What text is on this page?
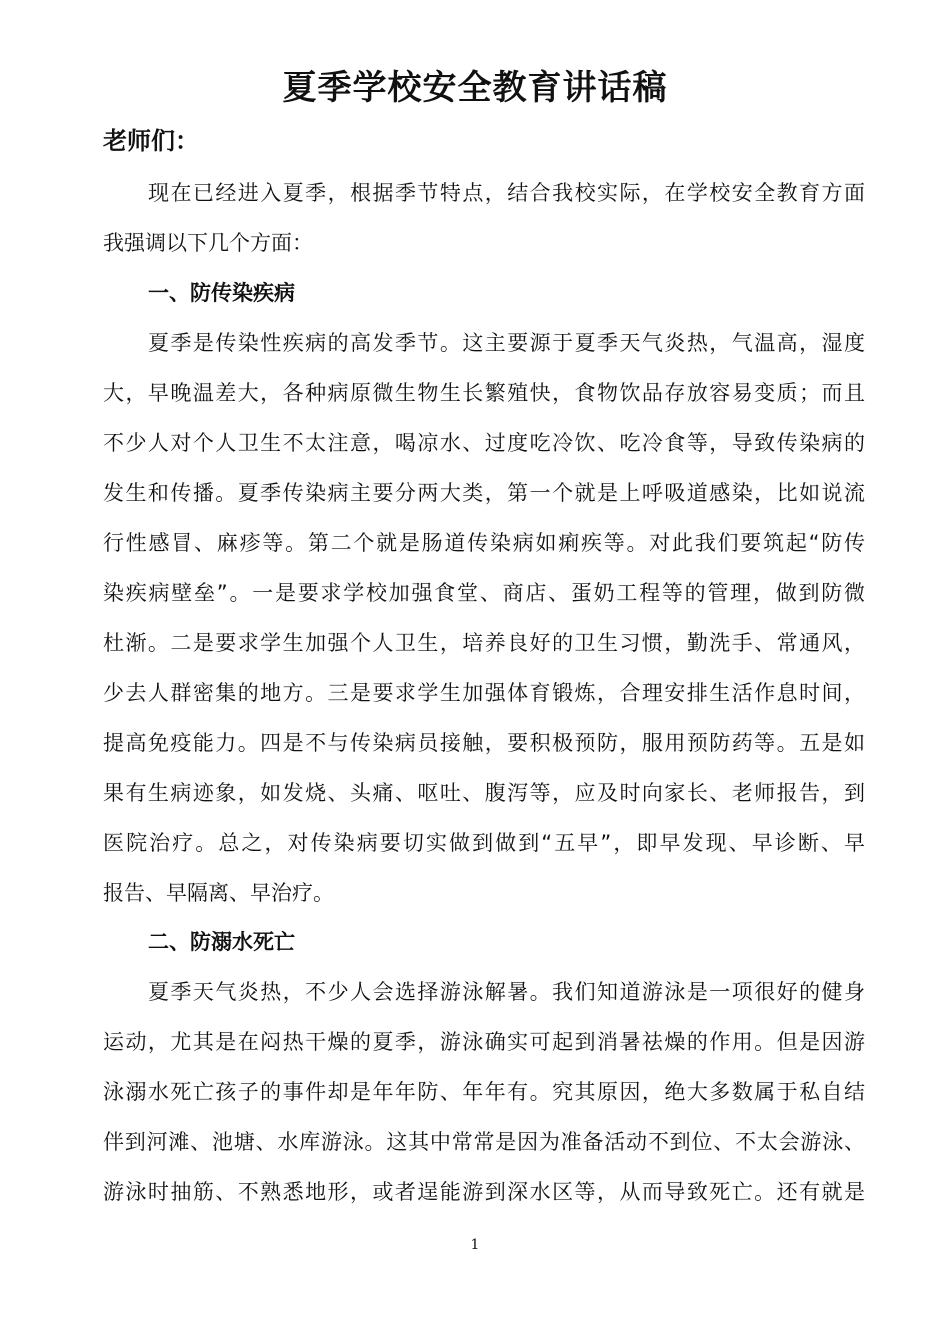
夏季学校安全教育讲话稿
老师们：
现在已经进入夏季，根据季节特点，结合我校实际，在学校安全教育方面
我强调以下几个方面：
一、防传染疾病
夏季是传染性疾病的高发季节。这主要源于夏季天气炎热，气温高，湿度
大，早晚温差大，各种病原微生物生长繁殖快，食物饮品存放容易变质；而且
不少人对个人卫生不太注意，喝凉水、过度吃冷饮、吃冷食等，导致传染病的
发生和传播。夏季传染病主要分两大类，第一个就是上呼吸道感染，比如说流
行性感冒、麻疹等。第二个就是肠道传染病如痢疾等。对此我们要筑起“防传
染疾病壁垒”。一是要求学校加强食堂、商店、蛋奶工程等的管理，做到防微
杜渐。二是要求学生加强个人卫生，培养良好的卫生习惯，勤洗手、常通风，
少去人群密集的地方。三是要求学生加强体育锻炼，合理安排生活作息时间，
提高免疫能力。四是不与传染病员接触，要积极预防，服用预防药等。五是如
果有生病迹象，如发烧、头痛、呕吐、腹泻等，应及时向家长、老师报告，到
医院治疗。总之，对传染病要切实做到做到“五早”，即早发现、早诊断、早
报告、早隔离、早治疗。
二、防溺水死亡
夏季天气炎热，不少人会选择游泳解暑。我们知道游泳是一项很好的健身
运动，尤其是在闷热干燥的夏季，游泳确实可起到消暑祛燥的作用。但是因游
泳溺水死亡孩子的事件却是年年防、年年有。究其原因，绝大多数属于私自结
伴到河滩、池塘、水库游泳。这其中常常是因为准备活动不到位、不太会游泳、
游泳时抽筋、不熟悉地形，或者逞能游到深水区等，从而导致死亡。还有就是
1
